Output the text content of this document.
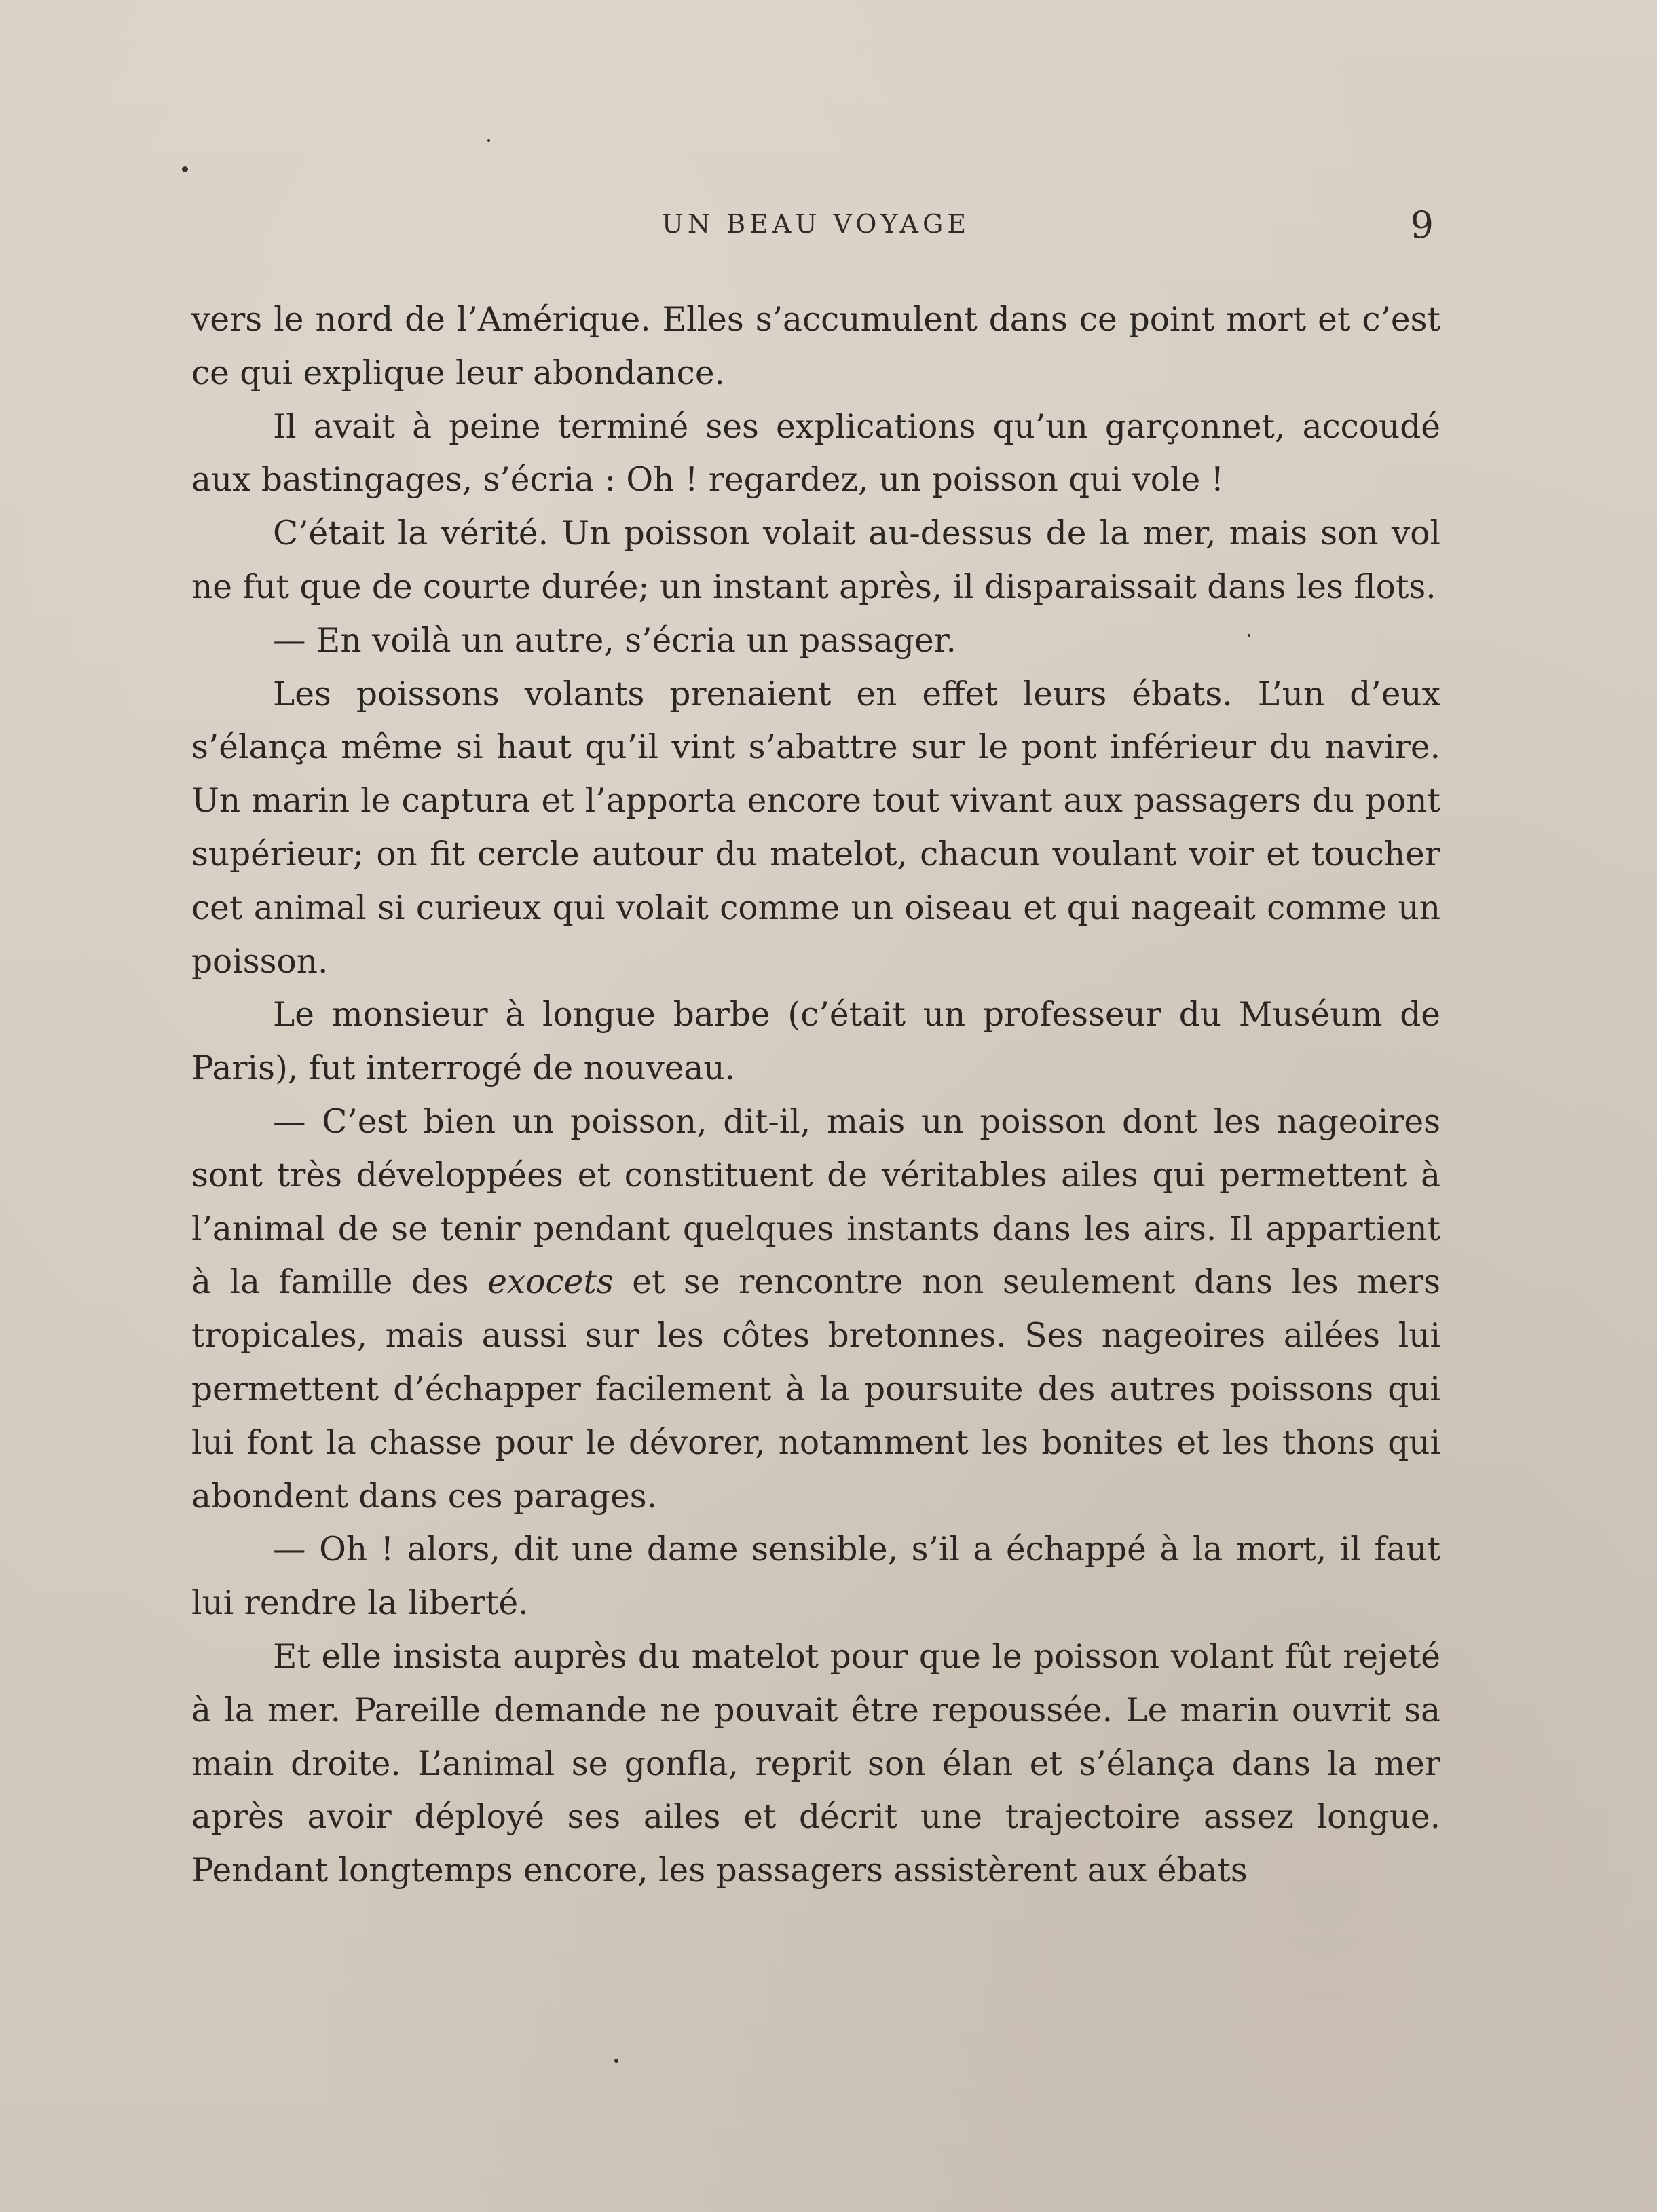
UN BEAU VOYAGE	9

vers le nord de l’Amérique. Elles s’accumulent dans ce point mort et c’est ce qui explique leur abondance.

Il avait à peine terminé ses explications qu’un garçonnet, accoudé aux bastingages, s’écria : Oh ! regardez, un poisson qui vole !

C’était la vérité. Un poisson volait au-dessus de la mer, mais son vol ne fut que de courte durée; un instant après, il disparaissait dans les flots.

— En voilà un autre, s’écria un passager.

Les poissons volants prenaient en effet leurs ébats. L’un d’eux s’élança même si haut qu’il vint s’abattre sur le pont inférieur du navire. Un marin le captura et l’apporta encore tout vivant aux passagers du pont supérieur; on fit cercle autour du matelot, chacun voulant voir et toucher cet animal si curieux qui volait comme un oiseau et qui nageait comme un poisson.

Le monsieur à longue barbe (c’était un professeur du Muséum de Paris), fut interrogé de nouveau.

— C’est bien un poisson, dit-il, mais un poisson dont les nageoires sont très développées et constituent de véritables ailes qui permettent à l’animal de se tenir pendant quelques instants dans les airs. Il appartient à la famille des exocets et se rencontre non seulement dans les mers tropicales, mais aussi sur les côtes bretonnes. Ses nageoires ailées lui permettent d’échapper facilement à la poursuite des autres poissons qui lui font la chasse pour le dévorer, notamment les bonites et les thons qui abondent dans ces parages.

— Oh ! alors, dit une dame sensible, s’il a échappé à la mort, il faut lui rendre la liberté.

Et elle insista auprès du matelot pour que le poisson volant fût rejeté à la mer. Pareille demande ne pouvait être repoussée. Le marin ouvrit sa main droite. L’animal se gonfla, reprit son élan et s’élança dans la mer après avoir déployé ses ailes et décrit une trajectoire assez longue. Pendant longtemps encore, les passagers assistèrent aux ébats
